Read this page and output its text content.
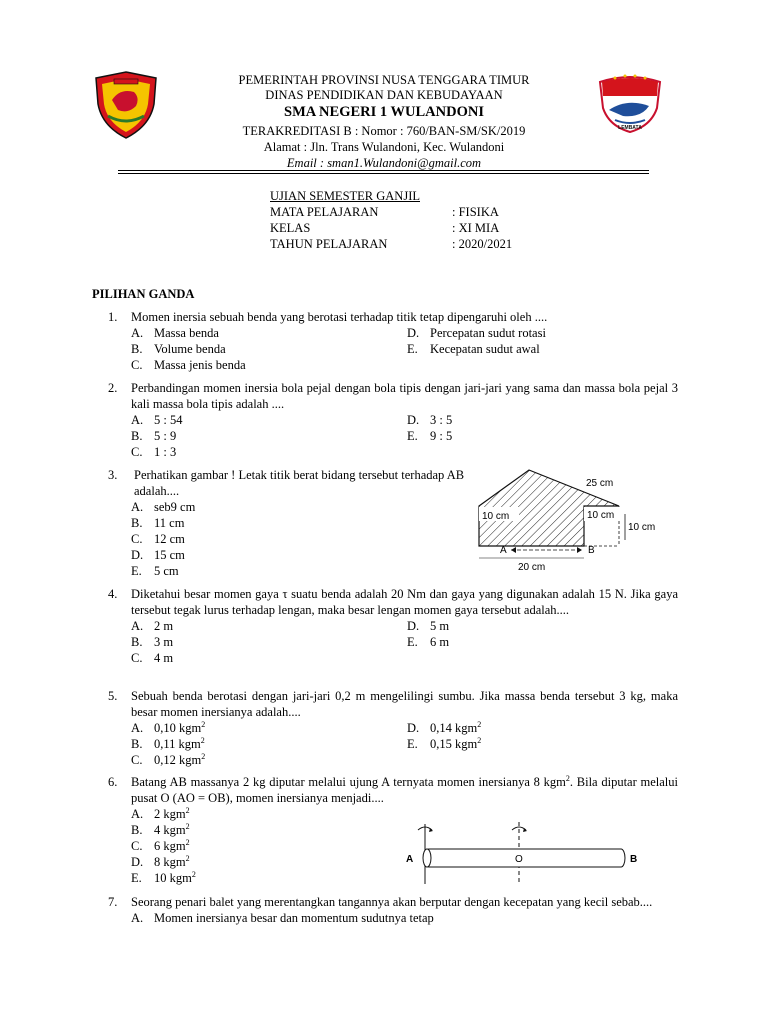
LEMBATA
PEMERINTAH PROVINSI NUSA TENGGARA TIMUR
DINAS PENDIDIKAN DAN KEBUDAYAAN
SMA NEGERI 1 WULANDONI
TERAKREDITASI B : Nomor : 760/BAN-SM/SK/2019
Alamat : Jln. Trans Wulandoni, Kec. Wulandoni
Email : sman1.Wulandoni@gmail.com
UJIAN SEMESTER GANJIL
MATA PELAJARAN	: FISIKA
KELAS	: XI MIA
TAHUN PELAJARAN	: 2020/2021
PILIHAN GANDA
1. Momen inersia sebuah benda yang berotasi terhadap titik tetap dipengaruhi oleh ....
A. Massa benda
B. Volume benda
C. Massa jenis benda
D. Percepatan sudut rotasi
E. Kecepatan sudut awal
2. Perbandingan momen inersia bola pejal dengan bola tipis dengan jari-jari yang sama dan massa bola pejal 3 kali massa bola tipis adalah ....
A. 5 : 54
B. 5 : 9
C. 1 : 3
D. 3 : 5
E. 9 : 5
3.	Perhatikan gambar ! Letak titik berat bidang tersebut terhadap AB adalah....
A. seb9 cm
B. 11 cm
C. 12 cm
D. 15 cm
E. 5 cm
10 cm	10 cm
25 cm
10 cm
A	B
20 cm
4. Diketahui besar momen gaya τ suatu benda adalah 20 Nm dan gaya yang digunakan adalah 15 N. Jika gaya tersebut tegak lurus terhadap lengan, maka besar lengan momen gaya tersebut adalah....
A. 2 m
B. 3 m
C. 4 m
D. 5 m
E. 6 m
5. Sebuah benda berotasi dengan jari-jari 0,2 m mengelilingi sumbu. Jika massa benda tersebut 3 kg, maka besar momen inersianya adalah....
A. 0,10 kgm$^2$
B. 0,11 kgm$^2$
C. 0,12 kgm$^2$
D. 0,14 kgm$^2$
E. 0,15 kgm$^2$
6. Batang AB massanya 2 kg diputar melalui ujung A ternyata momen inersianya 8 kgm$^2$. Bila diputar melalui pusat O (AO = OB), momen inersianya menjadi....
A. 2 kgm$^2$
B. 4 kgm$^2$
C. 6 kgm$^2$
D. 8 kgm$^2$
E. 10 kgm$^2$
A	O	B
7. Seorang penari balet yang merentangkan tangannya akan berputar dengan kecepatan yang kecil sebab....
A. Momen inersianya besar dan momentum sudutnya tetap
